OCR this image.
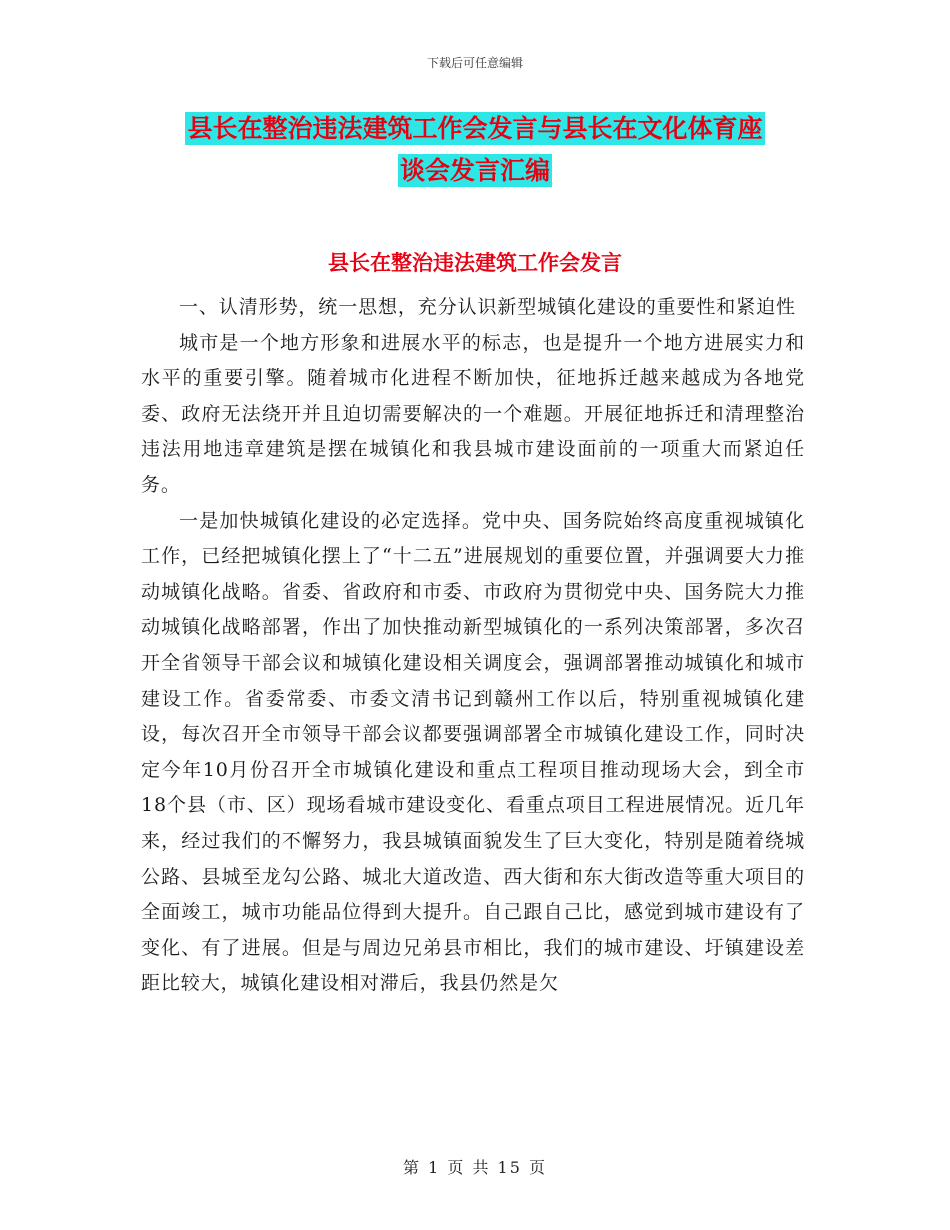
下载后可任意编辑
县长在整治违法建筑工作会发言与县长在文化体育座
谈会发言汇编
县长在整治违法建筑工作会发言

一、认清形势，统一思想，充分认识新型城镇化建设的重要性和紧迫性

城市是一个地方形象和进展水平的标志，也是提升一个地方进展实力和水平的重要引擎。随着城市化进程不断加快，征地拆迁越来越成为各地党委、政府无法绕开并且迫切需要解决的一个难题。开展征地拆迁和清理整治违法用地违章建筑是摆在城镇化和我县城市建设面前的一项重大而紧迫任务。

一是加快城镇化建设的必定选择。党中央、国务院始终高度重视城镇化工作，已经把城镇化摆上了“十二五”进展规划的重要位置，并强调要大力推动城镇化战略。省委、省政府和市委、市政府为贯彻党中央、国务院大力推动城镇化战略部署，作出了加快推动新型城镇化的一系列决策部署，多次召开全省领导干部会议和城镇化建设相关调度会，强调部署推动城镇化和城市建设工作。省委常委、市委文清书记到赣州工作以后，特别重视城镇化建设，每次召开全市领导干部会议都要强调部署全市城镇化建设工作，同时决定今年10月份召开全市城镇化建设和重点工程项目推动现场大会，到全市18个县（市、区）现场看城市建设变化、看重点项目工程进展情况。近几年来，经过我们的不懈努力，我县城镇面貌发生了巨大变化，特别是随着绕城公路、县城至龙勾公路、城北大道改造、西大街和东大街改造等重大项目的全面竣工，城市功能品位得到大提升。自己跟自己比，感觉到城市建设有了变化、有了进展。但是与周边兄弟县市相比，我们的城市建设、圩镇建设差距比较大，城镇化建设相对滞后，我县仍然是欠

第 1 页 共 15 页
